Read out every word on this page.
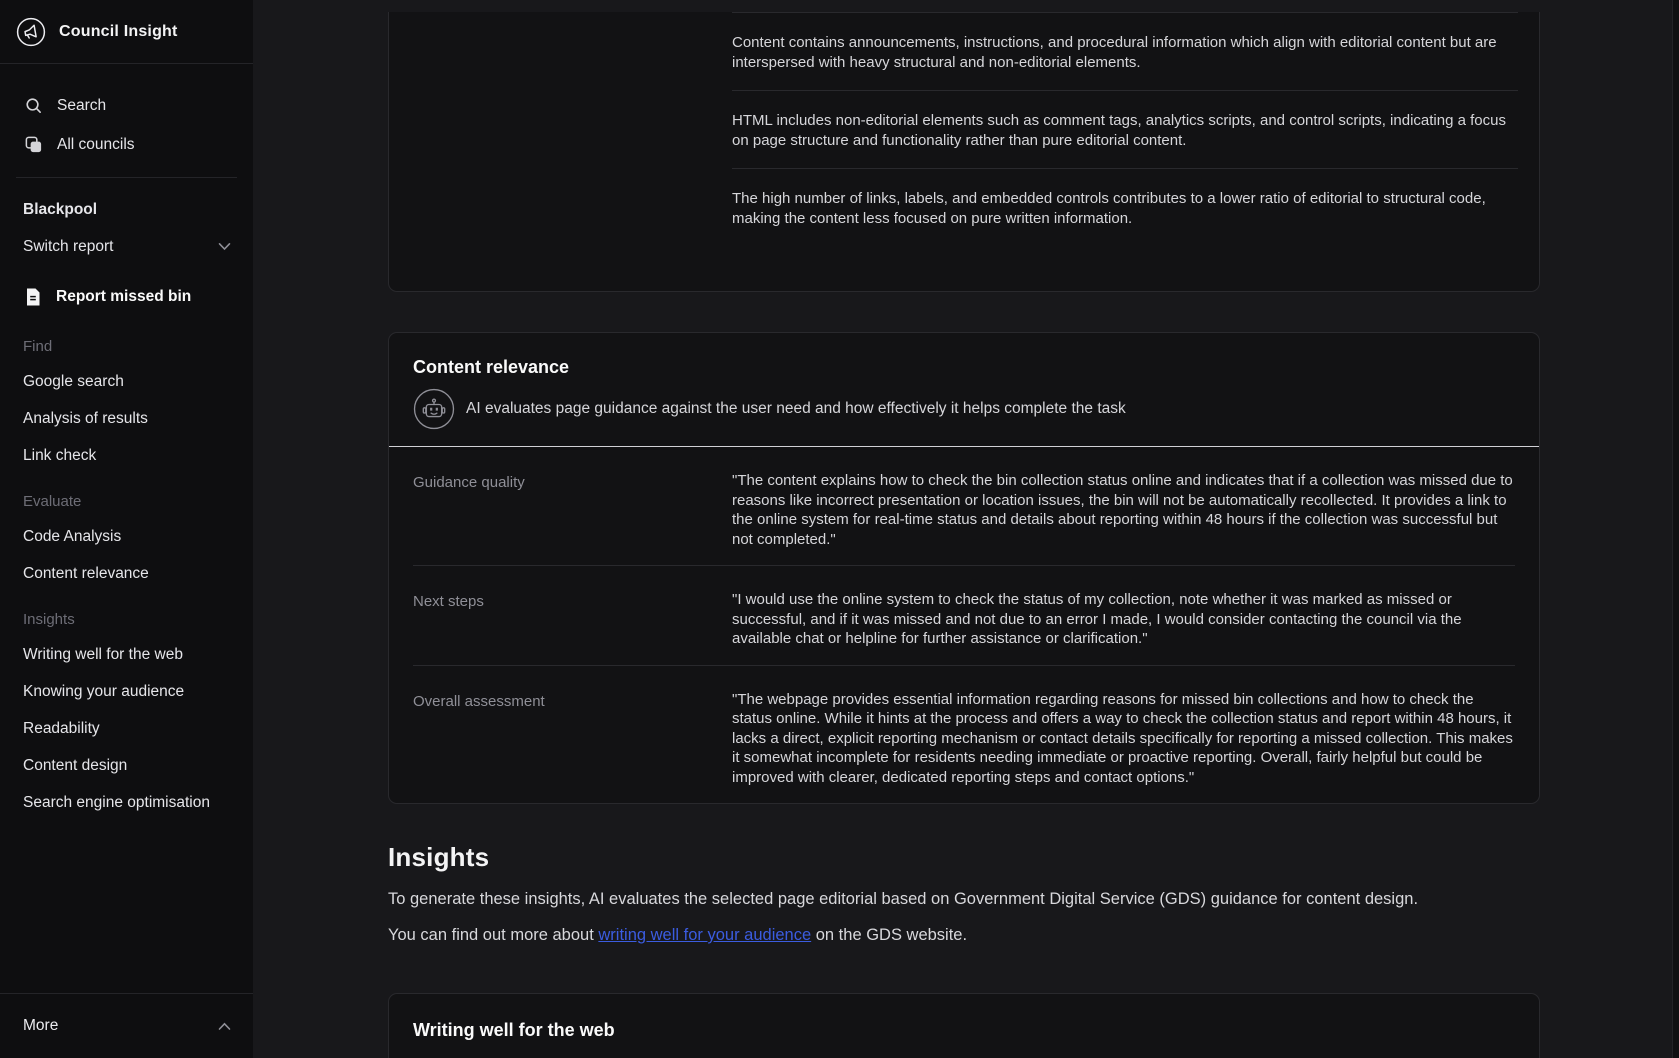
Council Insight
Search
All councils
Blackpool
Switch report
Report missed bin
Find
Google search
Analysis of results
Link check
Evaluate
Code Analysis
Content relevance
Insights
Writing well for the web
Knowing your audience
Readability
Content design
Search engine optimisation
More
Content contains announcements, instructions, and procedural information which align with editorial content but are interspersed with heavy structural and non-editorial elements.
HTML includes non-editorial elements such as comment tags, analytics scripts, and control scripts, indicating a focus on page structure and functionality rather than pure editorial content.
The high number of links, labels, and embedded controls contributes to a lower ratio of editorial to structural code, making the content less focused on pure written information.
Content relevance
AI evaluates page guidance against the user need and how effectively it helps complete the task
Guidance quality	"The content explains how to check the bin collection status online and indicates that if a collection was missed due to reasons like incorrect presentation or location issues, the bin will not be automatically recollected. It provides a link to the online system for real-time status and details about reporting within 48 hours if the collection was successful but not completed."
Next steps	"I would use the online system to check the status of my collection, note whether it was marked as missed or successful, and if it was missed and not due to an error I made, I would consider contacting the council via the available chat or helpline for further assistance or clarification."
Overall assessment	"The webpage provides essential information regarding reasons for missed bin collections and how to check the status online. While it hints at the process and offers a way to check the collection status and report within 48 hours, it lacks a direct, explicit reporting mechanism or contact details specifically for reporting a missed collection. This makes it somewhat incomplete for residents needing immediate or proactive reporting. Overall, fairly helpful but could be improved with clearer, dedicated reporting steps and contact options."
Insights

To generate these insights, AI evaluates the selected page editorial based on Government Digital Service (GDS) guidance for content design.

You can find out more about writing well for your audience on the GDS website.

Writing well for the web
